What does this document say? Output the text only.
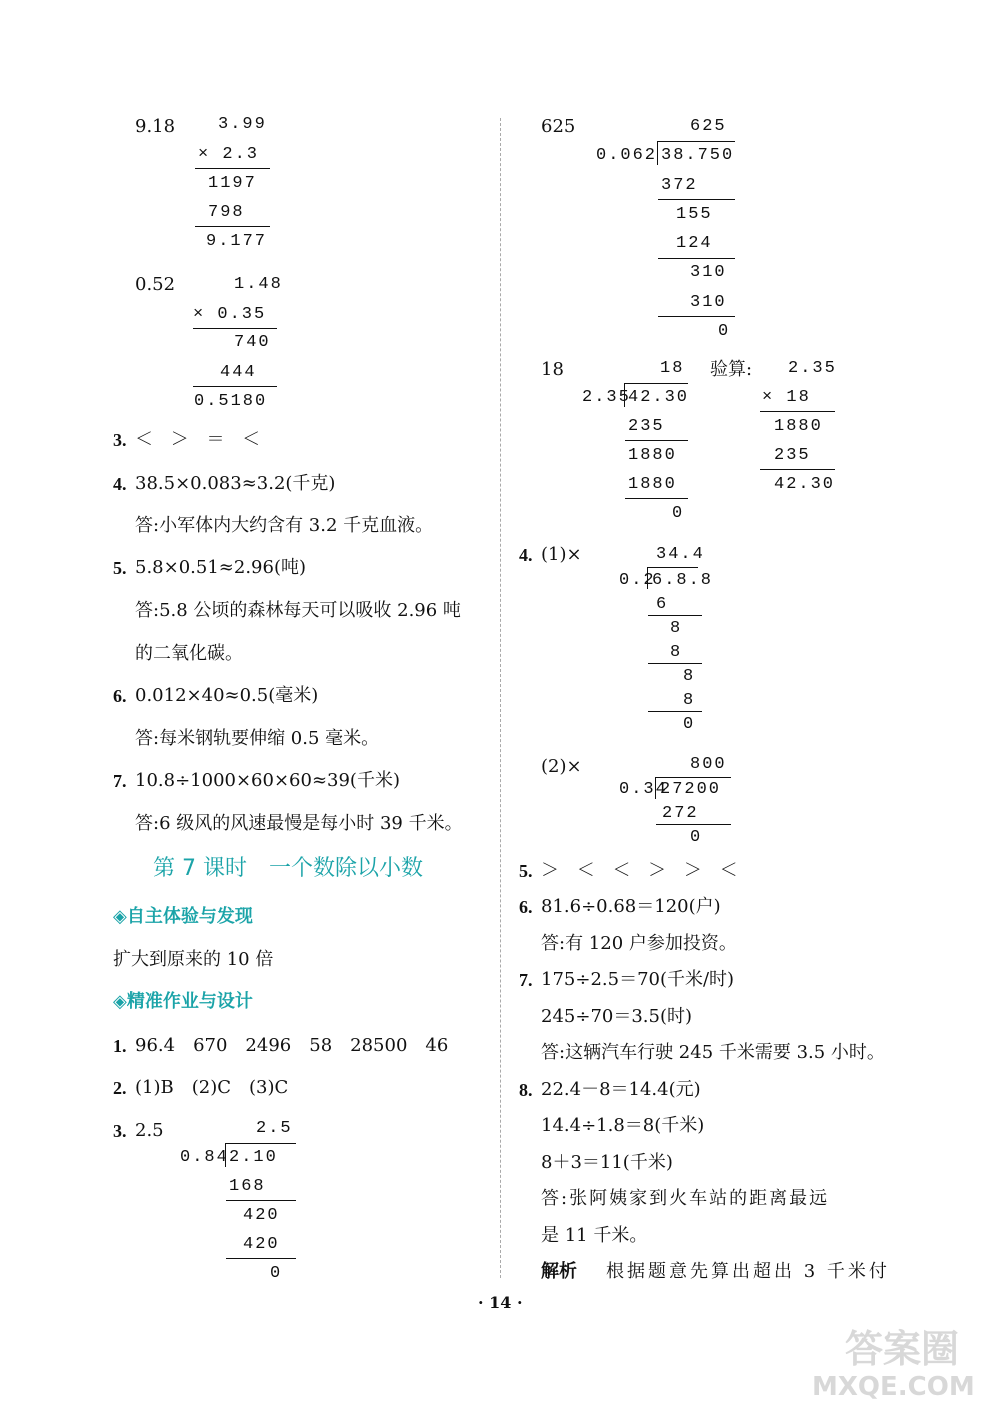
9.18	3.99
× 2.3
1197
798
9.177
0.52	1.48
× 0.35
740
444
0.5180
3. ＜ ＞ ＝ ＜
4. 38.5×0.083≈3.2(千克)
答:小军体内大约含有 3.2 千克血液。
5. 5.8×0.51≈2.96(吨)
答:5.8 公顷的森林每天可以吸收 2.96 吨
的二氧化碳。
6. 0.012×40≈0.5(毫米)
答:每米钢轨要伸缩 0.5 毫米。
7. 10.8÷1000×60×60≈39(千米)
答:6 级风的风速最慢是每小时 39 千米。
第 7 课时　一个数除以小数
◈自主体验与发现
扩大到原来的 10 倍
◈精准作业与设计
1. 96.4　670　2496　58　28500　46
2. (1)B　(2)C　(3)C
3. 2.5	2.5
0.84 2.10
168
420
420
0
625	625
0.062 38.750
372
155
124
310
310
0
18	18
2.35
42.30
235
1880
1880
0
验算: 2.35
× 18
1880
235
42.30
4. (1)×	34.4
0.2
6.8.8
6
8
8
8
8
0
(2)×	800
0.34
27200
272
0
5. ＞ ＜ ＜ ＞ ＞ ＜
6. 81.6÷0.68＝120(户)
答:有 120 户参加投资。
7. 175÷2.5＝70(千米/时)
245÷70＝3.5(时)
答:这辆汽车行驶 245 千米需要 3.5 小时。
8. 22.4－8＝14.4(元)
14.4÷1.8＝8(千米)
8＋3＝11(千米)
答:张阿姨家到火车站的距离最远
是 11 千米。
解析 根据题意先算出超出 3 千米付
· 14 ·
答案圈
MXQE.COM
